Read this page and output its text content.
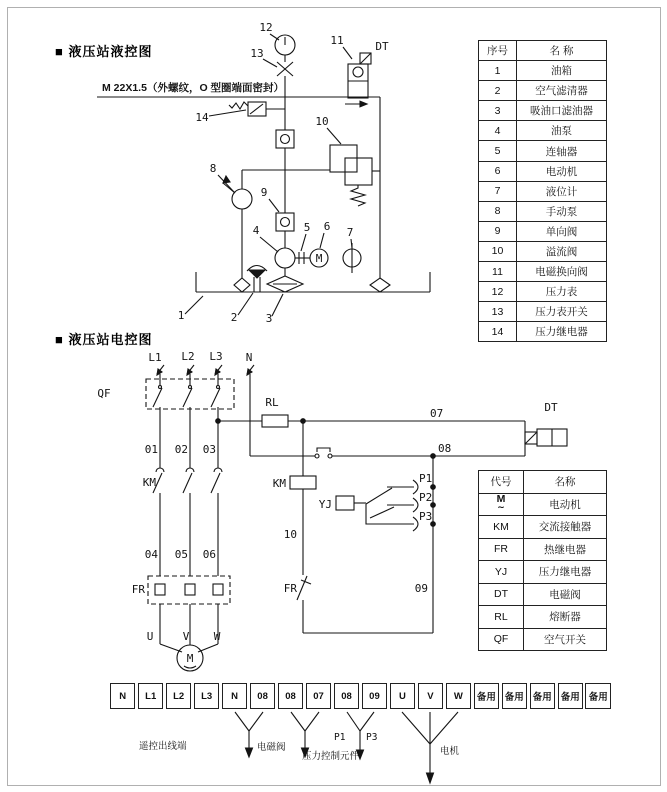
■ 液压站液控图
■ 液压站电控图
M 22X1.5（外螺纹，O 型圈端面密封）
12
13
11	DT
14
8
9
4	5
M
6 7
10
1	2	3
L1 L2 L3 N
QF
01 02 03
KM
04 05 06
FR
U	V W
M
RL
07
08
DT
KM
10
FR	09
YJ
P1
P2
P3
序号	名 称
1	油箱
2	空气滤清器
3	吸油口滤油器
4	油泵
5	连轴器
6	电动机
7	液位计
8	手动泵
9	单向阀
10	溢流阀
11	电磁换向阀
12	压力表
13	压力表开关
14	压力继电器
代号	名称
M ∼	电动机
KM	交流接触器
FR	热继电器
YJ	压力继电器
DT	电磁阀
RL	熔断器
QF	空气开关
N	L1	L2	L3	N	08	08	07	08	09	U	V	W	备用 备用 备用 备用 备用
遥控出线端	电磁阀
P1 P3
压力控制元件	电机
